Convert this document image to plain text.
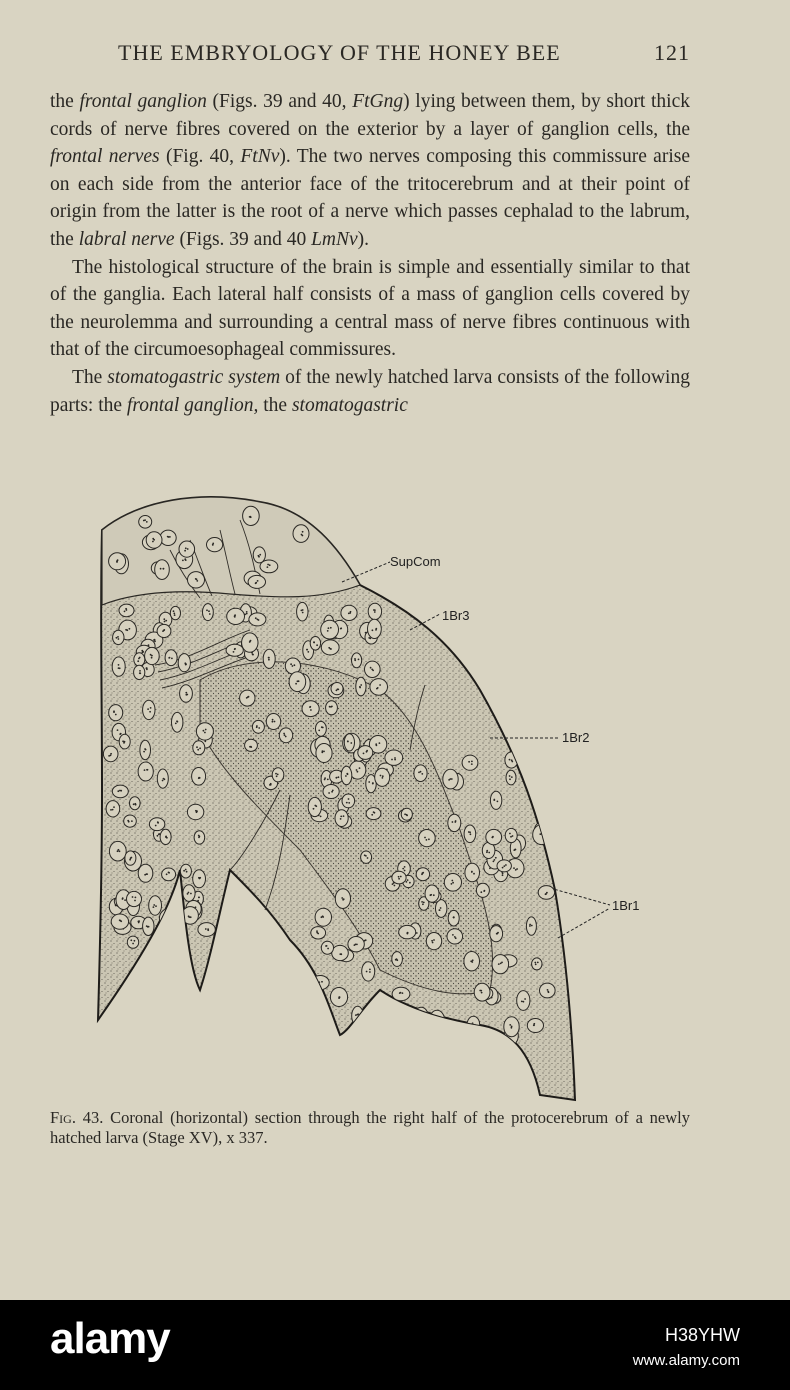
THE EMBRYOLOGY OF THE HONEY BEE	121

the frontal ganglion (Figs. 39 and 40, FtGng) lying between them, by short thick cords of nerve fibres covered on the exterior by a layer of ganglion cells, the frontal nerves (Fig. 40, FtNv). The two nerves composing this commissure arise on each side from the anterior face of the tritocerebrum and at their point of origin from the latter is the root of a nerve which passes cephalad to the labrum, the labral nerve (Figs. 39 and 40 LmNv).

The histological structure of the brain is simple and essentially similar to that of the ganglia. Each lateral half consists of a mass of ganglion cells covered by the neurolemma and surrounding a central mass of nerve fibres continuous with that of the circumoesophageal commissures.

The stomatogastric system of the newly hatched larva consists of the following parts: the frontal ganglion, the stomatogastric

SupCom
1Br3
1Br2
1Br1
Fig. 43. Coronal (horizontal) section through the right half of the protocerebrum of a newly hatched larva (Stage XV), x 337.
alamy	H38YHW
www.alamy.com
